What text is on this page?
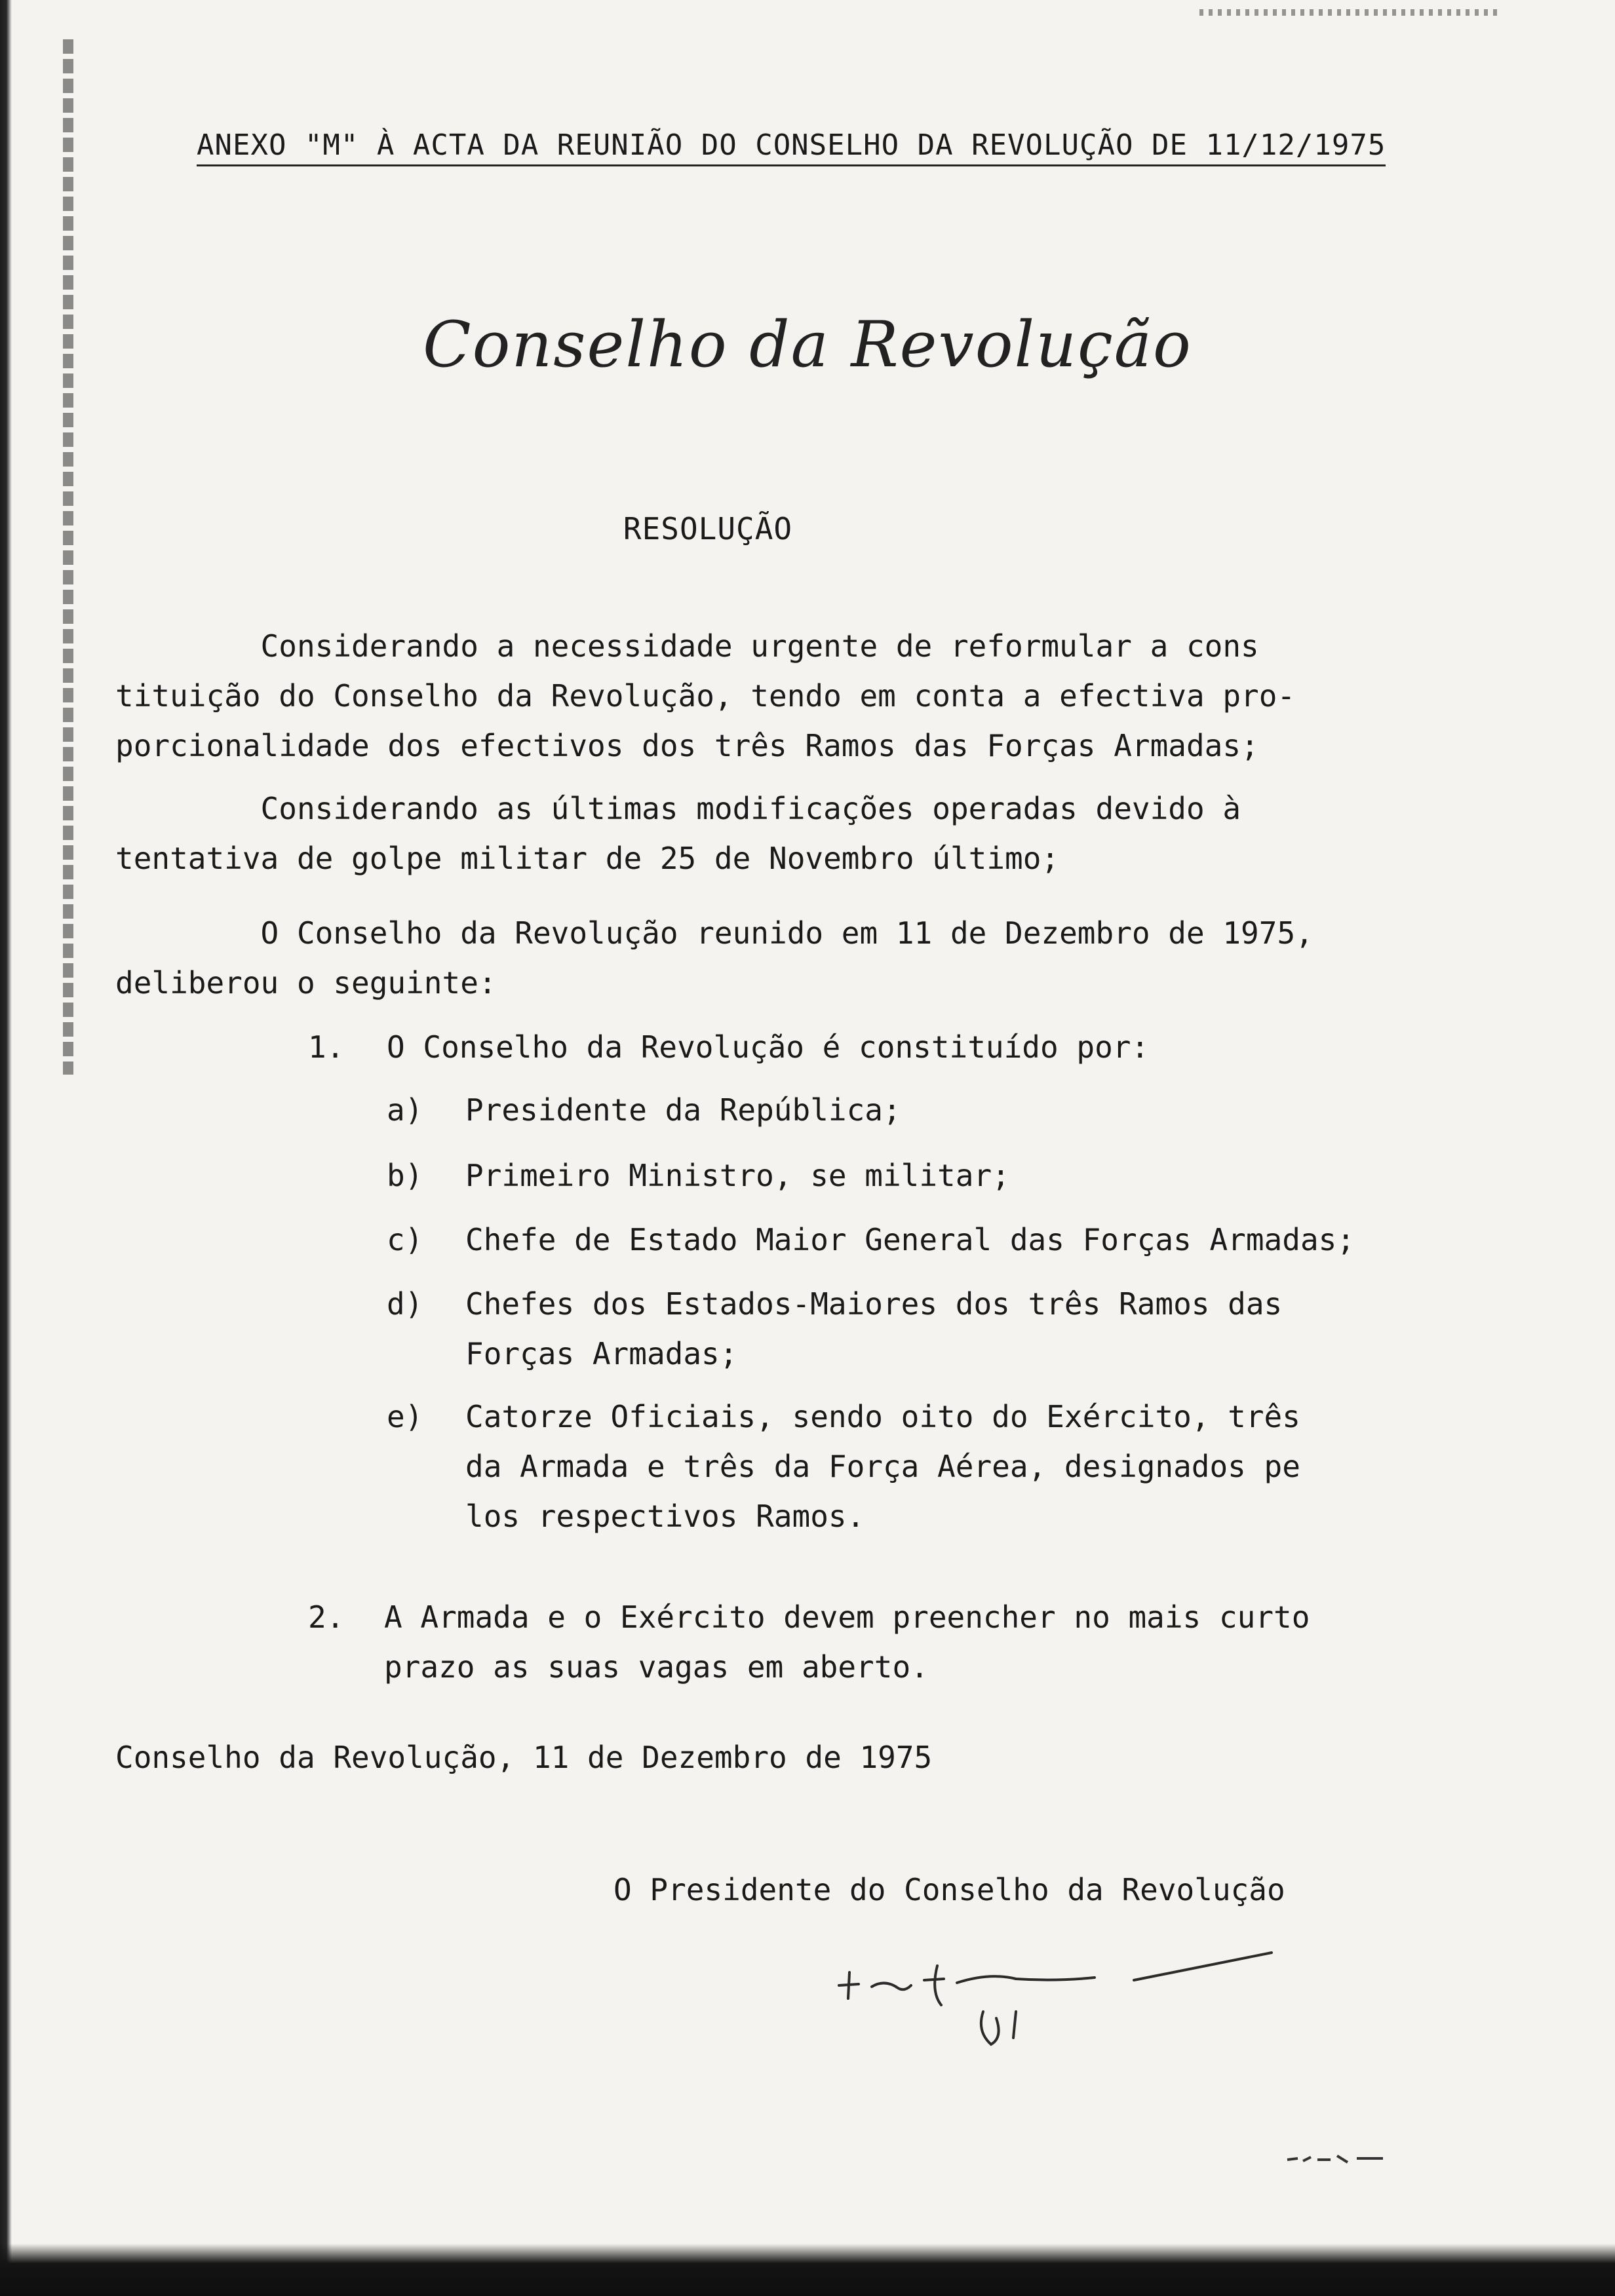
ANEXO "M" À ACTA DA REUNIÃO DO CONSELHO DA REVOLUÇÃO DE 11/12/1975
Conselho da Revolução
RESOLUÇÃO
Considerando a necessidade urgente de reformular a cons
tituição do Conselho da Revolução, tendo em conta a efectiva pro-
porcionalidade dos efectivos dos três Ramos das Forças Armadas;
Considerando as últimas modificações operadas devido à
tentativa de golpe militar de 25 de Novembro último;
O Conselho da Revolução reunido em 11 de Dezembro de 1975,
deliberou o seguinte:
1. O Conselho da Revolução é constituído por:
a) Presidente da República;
b) Primeiro Ministro, se militar;
c) Chefe de Estado Maior General das Forças Armadas;
d) Chefes dos Estados-Maiores dos três Ramos das
Forças Armadas;
e) Catorze Oficiais, sendo oito do Exército, três
da Armada e três da Força Aérea, designados pe
los respectivos Ramos.
2. A Armada e o Exército devem preencher no mais curto
prazo as suas vagas em aberto.
Conselho da Revolução, 11 de Dezembro de 1975
O Presidente do Conselho da Revolução
